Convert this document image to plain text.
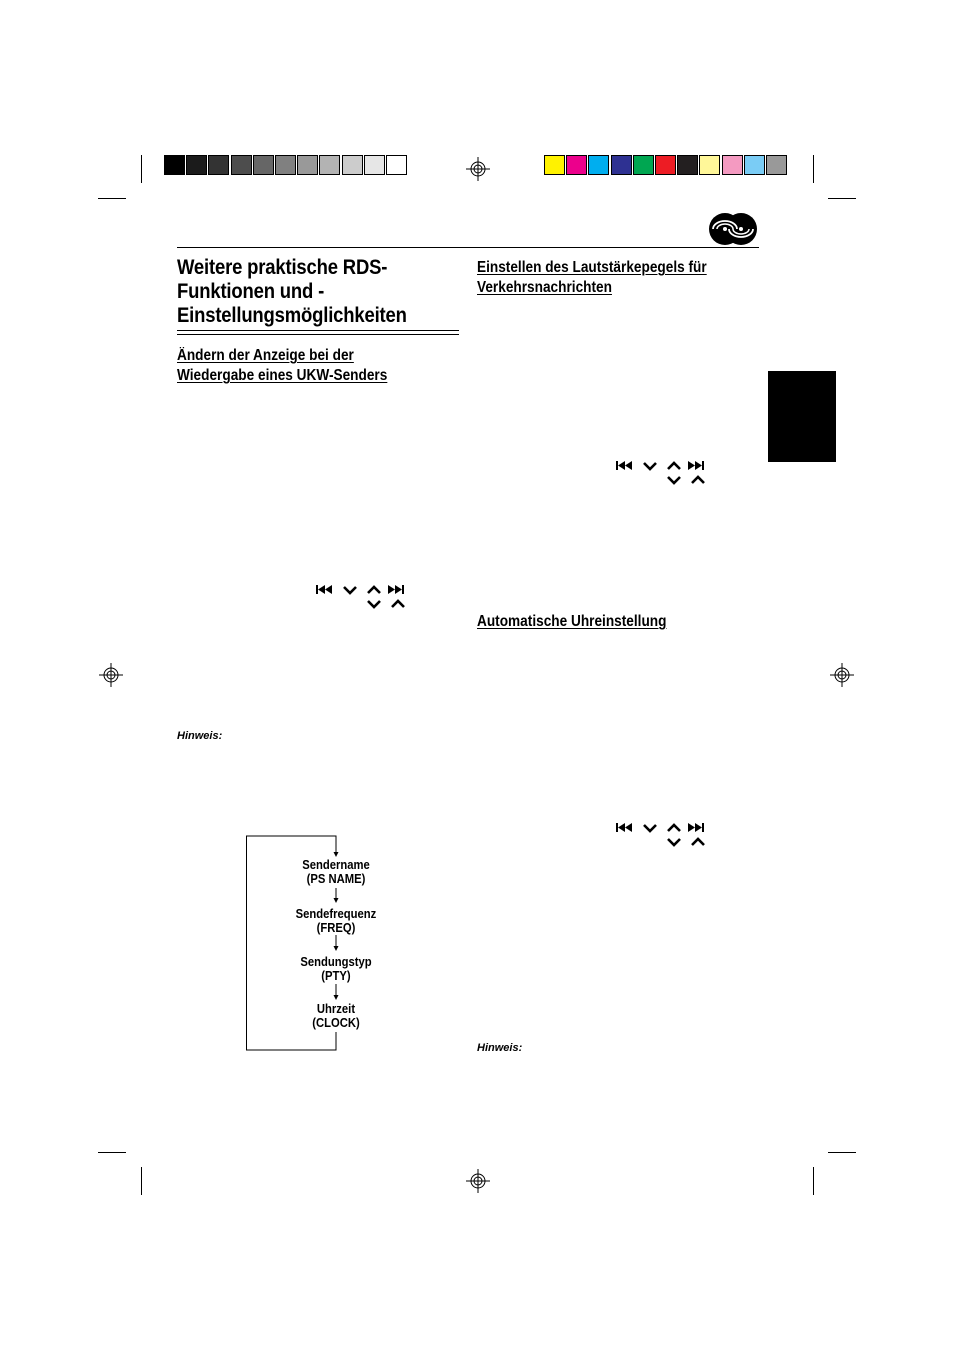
Weitere praktische RDS-
Funktionen und -
Einstellungsmöglichkeiten
Ändern der Anzeige bei der
Wiedergabe eines UKW-Senders
Hinweis:
Sendername
(PS NAME)
Sendefrequenz
(FREQ)
Sendungstyp
(PTY)
Uhrzeit
(CLOCK)
Einstellen des Lautstärkepegels für
Verkehrsnachrichten
Automatische Uhreinstellung
Hinweis:
